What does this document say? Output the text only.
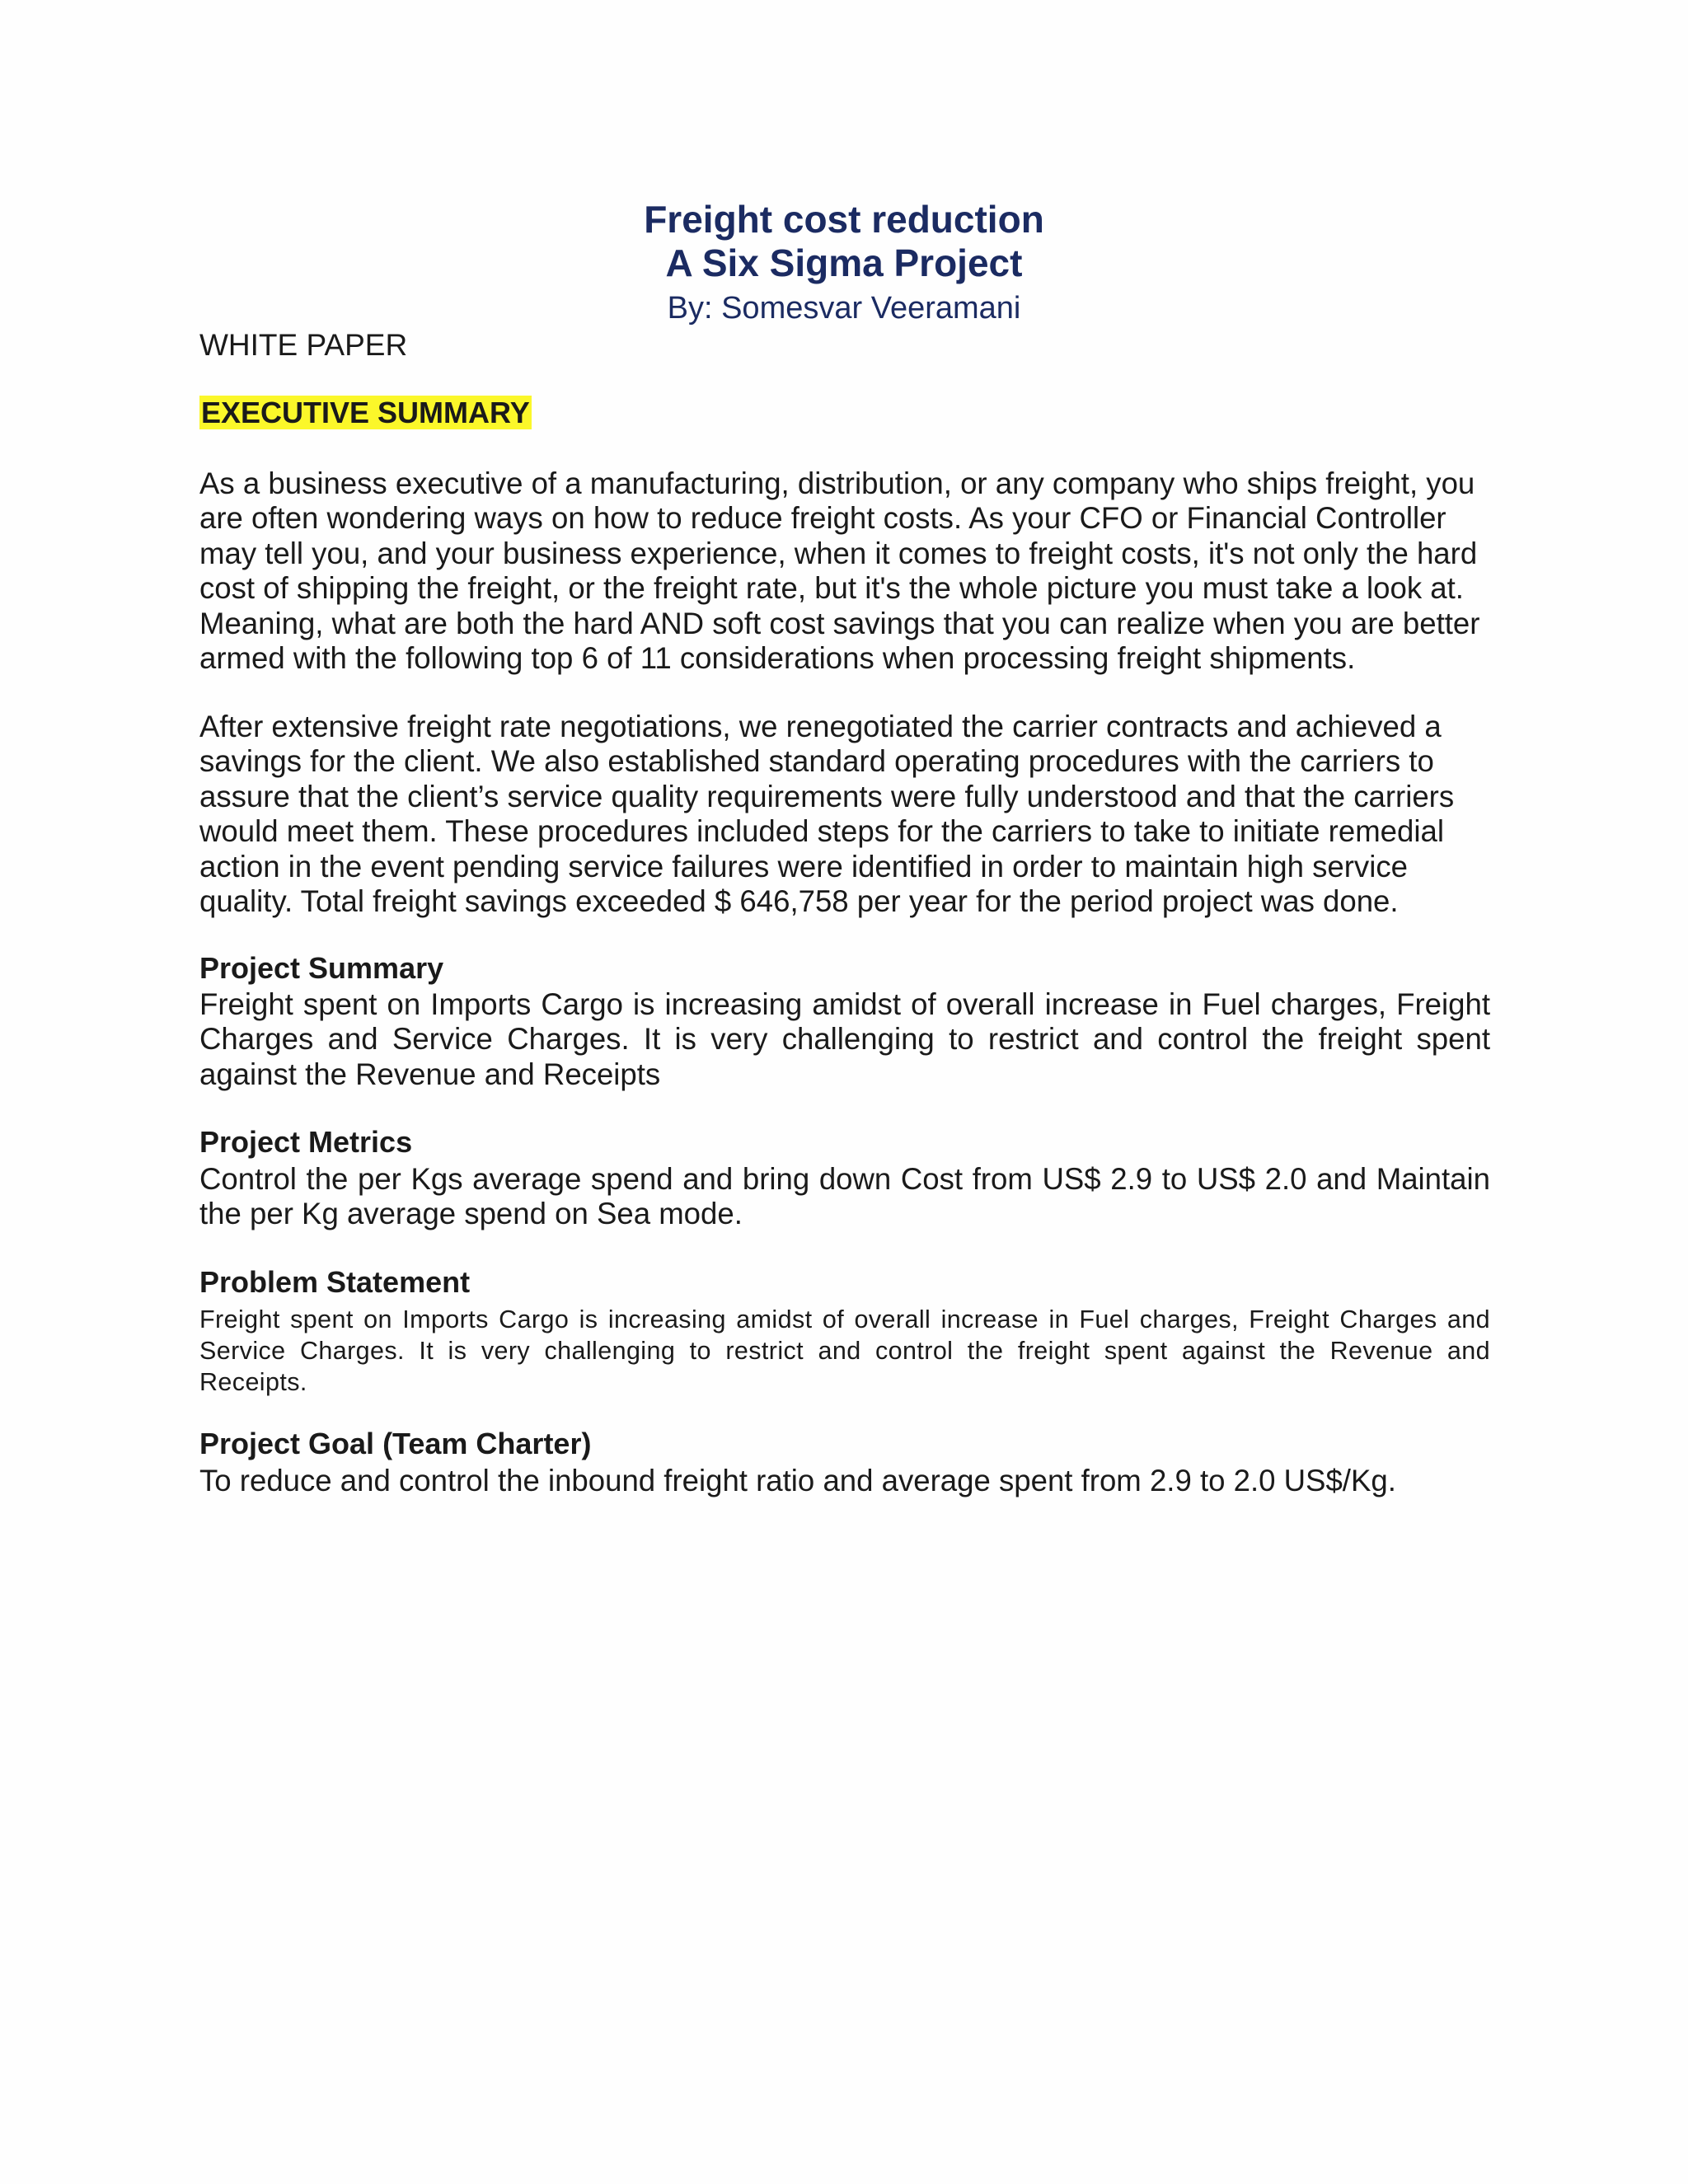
Freight cost reduction
A Six Sigma Project
By: Somesvar Veeramani
WHITE PAPER
EXECUTIVE SUMMARY

As a business executive of a manufacturing, distribution, or any company who ships freight, you are often wondering ways on how to reduce freight costs. As your CFO or Financial Controller may tell you, and your business experience, when it comes to freight costs, it's not only the hard cost of shipping the freight, or the freight rate, but it's the whole picture you must take a look at. Meaning, what are both the hard AND soft cost savings that you can realize when you are better armed with the following top 6 of 11 considerations when processing freight shipments.

After extensive freight rate negotiations, we renegotiated the carrier contracts and achieved a savings for the client. We also established standard operating procedures with the carriers to assure that the client’s service quality requirements were fully understood and that the carriers would meet them. These procedures included steps for the carriers to take to initiate remedial action in the event pending service failures were identified in order to maintain high service quality. Total freight savings exceeded $ 646,758 per year for the period project was done.

Project Summary

Freight spent on Imports Cargo is increasing amidst of overall increase in Fuel charges, Freight Charges and Service Charges. It is very challenging to restrict and control the freight spent against the Revenue and Receipts

Project Metrics

Control the per Kgs average spend and bring down Cost from US$ 2.9 to US$ 2.0 and Maintain the per Kg average spend on Sea mode.

Problem Statement

Freight spent on Imports Cargo is increasing amidst of overall increase in Fuel charges, Freight Charges and Service Charges. It is very challenging to restrict and control the freight spent against the Revenue and Receipts.

Project Goal (Team Charter)

To reduce and control the inbound freight ratio and average spent from 2.9 to 2.0 US$/Kg.
